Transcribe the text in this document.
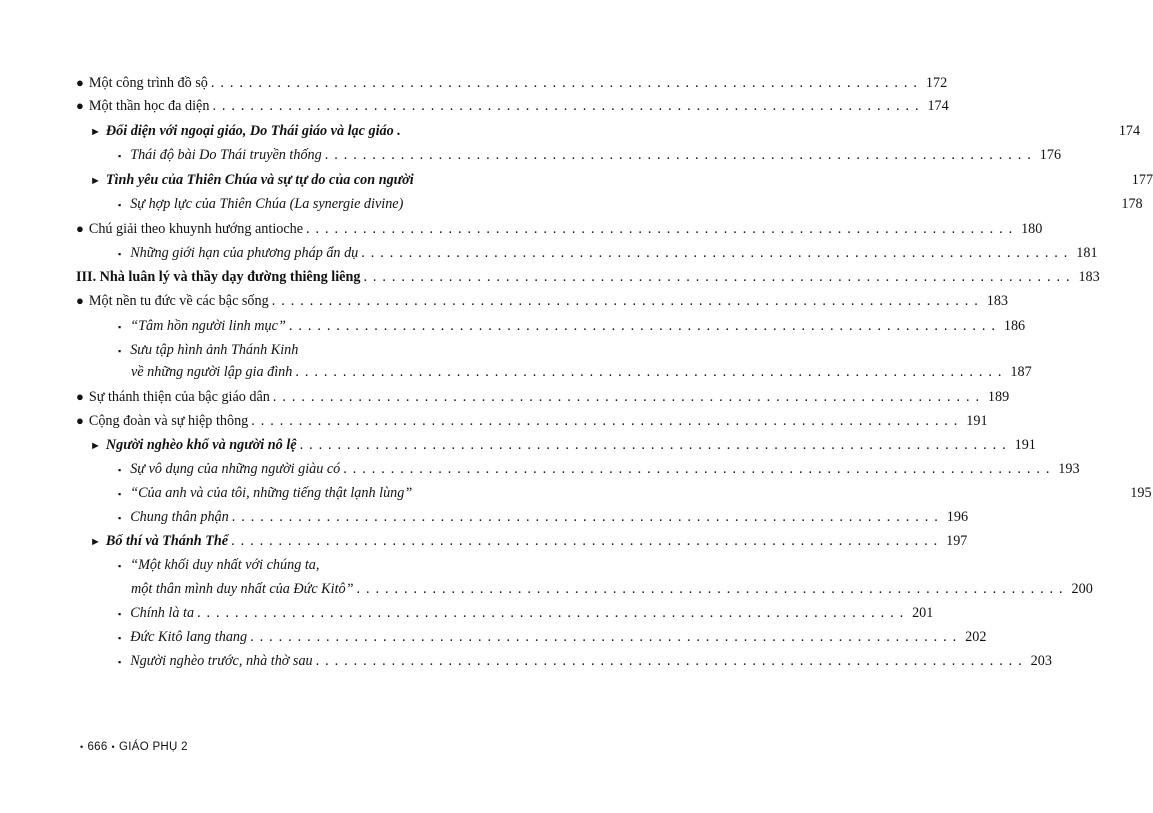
● Một công trình đồ sộ . . .	172
● Một thần học đa diện . . .	174
► Đối diện với ngoại giáo, Do Thái giáo và lạc giáo .	174
▪ Thái độ bài Do Thái truyền thống . . .	176
► Tình yêu của Thiên Chúa và sự tự do của con người	177
▪ Sự hợp lực của Thiên Chúa (La synergie divine)	178
● Chú giải theo khuynh hướng antioche . . .	180
▪ Những giới hạn của phương pháp ẩn dụ . . .	181
III. Nhà luân lý và thầy dạy đường thiêng liêng . . .	183
● Một nền tu đức về các bậc sống . . .	183
▪ “Tâm hồn người linh mục” . . .	186
▪ Sưu tập hình ảnh Thánh Kinh
về những người lập gia đình . . .	187
● Sự thánh thiện của bậc giáo dân . . .	189
● Cộng đoàn và sự hiệp thông . . .	191
► Người nghèo khổ và người nô lệ . . .	191
▪ Sự vô dụng của những người giàu có . . .	193
▪ “Của anh và của tôi, những tiếng thật lạnh lùng”	195
▪ Chung thân phận . . .	196
► Bố thí và Thánh Thể . . .	197
▪ “Một khối duy nhất với chúng ta,
một thân mình duy nhất của Đức Kitô” . . .	200
▪ Chính là ta . . .	201
▪ Đức Kitô lang thang . . .	202
▪ Người nghèo trước, nhà thờ sau . . .	203
• 666 • GIÁO PHỤ 2
